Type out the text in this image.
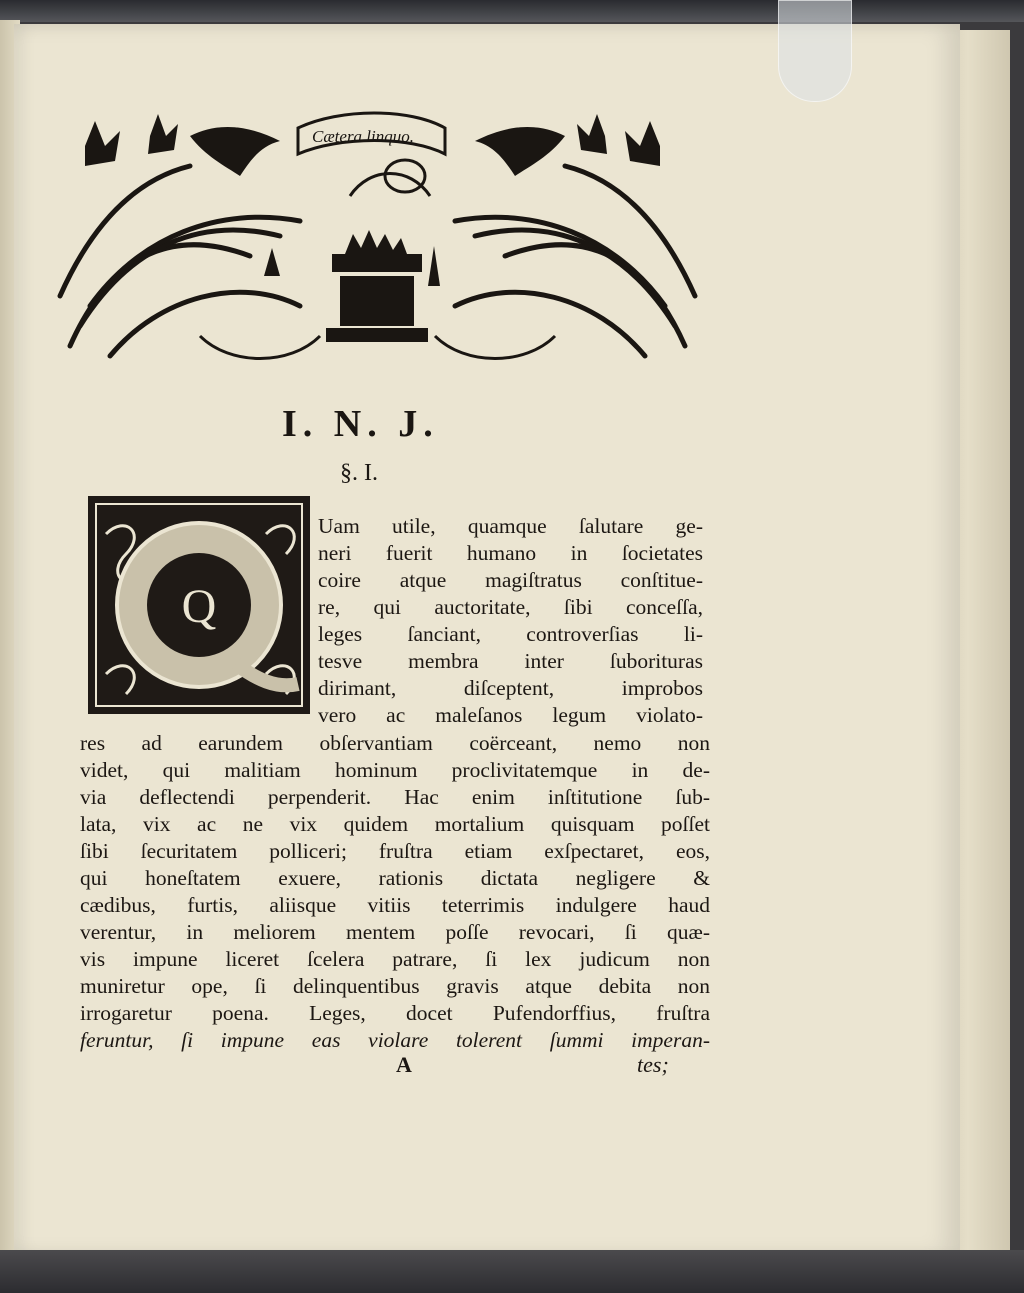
Cætera linquo.
I. N. J.
§. I.
Q
Uam utile, quamque ſalutare ge-
neri fuerit humano in ſocietates
coire atque magiſtratus conſtitue-
re, qui auctoritate, ſibi conceſſa,
leges ſanciant, controverſias li-
tesve membra inter ſuborituras
dirimant, diſceptent, improbos
vero ac maleſanos legum violato-
res ad earundem obſervantiam coërceant, nemo non
videt, qui malitiam hominum proclivitatemque in de-
via deflectendi perpenderit. Hac enim inſtitutione ſub-
lata, vix ac ne vix quidem mortalium quisquam poſſet
ſibi ſecuritatem polliceri; fruſtra etiam exſpectaret, eos,
qui honeſtatem exuere, rationis dictata negligere &
cædibus, furtis, aliisque vitiis teterrimis indulgere haud
verentur, in meliorem mentem poſſe revocari, ſi quæ-
vis impune liceret ſcelera patrare, ſi lex judicum non
muniretur ope, ſi delinquentibus gravis atque debita non
irrogaretur poena. Leges, docet Pufendorffius, fruſtra
feruntur, ſi impune eas violare tolerent ſummi imperan-
A	tes;
